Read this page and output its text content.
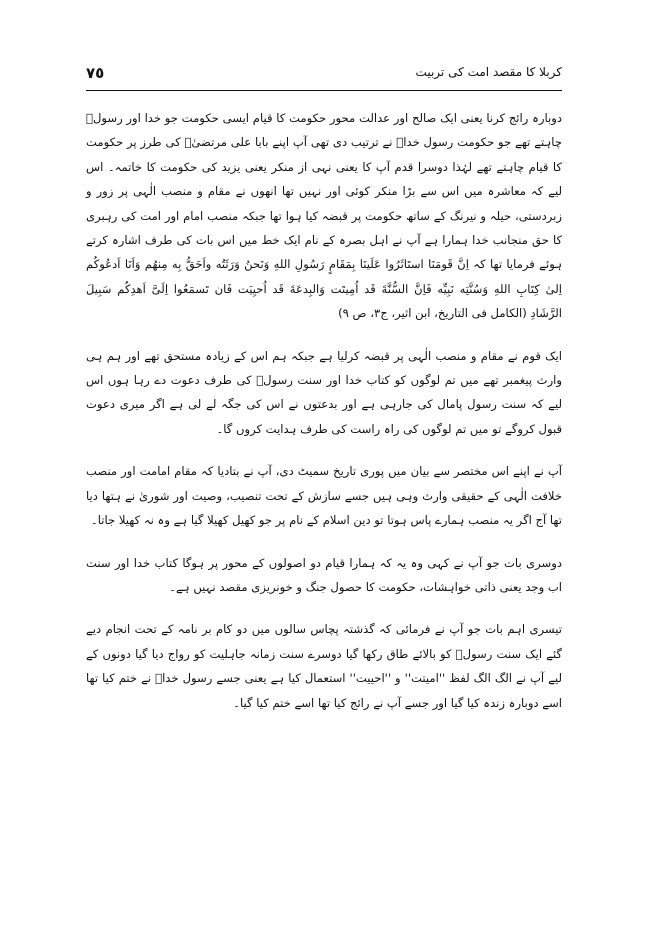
٧٥	کربلا کا مقصد امت کی تربیت

دوبارہ رائج کرنا یعنی ایک صالح اور عدالت محور حکومت کا قیام ایسی حکومت جو خدا اور رسولؐ چاہتے تھے جو حکومت رسول خداؐ نے ترتیب دی تھی آپ اپنے بابا علی مرتضیٰؑ کی طرز پر حکومت کا قیام چاہتے تھے لہٰذا دوسرا قدم آپ کا یعنی نہی از منکر یعنی یزید کی حکومت کا خاتمہ۔ اس لیے کہ معاشرہ میں اس سے بڑا منکر کوئی اور نہیں تھا انھوں نے مقام و منصب الٰہی پر زور و زبردستی، حیلہ و نیرنگ کے ساتھ حکومت پر قبضہ کیا ہوا تھا جبکہ منصب امام اور امت کی رہبری کا حق منجانب خدا ہمارا ہے آپ نے اہل بصرہ کے نام ایک خط میں اس بات کی طرف اشارہ کرتے ہوئے فرمایا تھا کہ اِنَّ قَومَنَا استَاثَرُوا عَلَینَا بِمَقَامٍ رَسُولِ اللهِ وَنَحنُ وَرَثَتُه واَحَقُّ بِه مِنهُم وَاَنَا اَدعُوکُم اِلیٰ کِتَابِ اللهِ وَسُنَّتِه نَبِیِّه فَاِنَّ السُّنَّةَ قَد اُمِیتَت وَالبِدعَةَ قَد اُحیِیَت فَان تَسمَعُوا اِلَیَّ اَهدِکُم سَبِیلَ الرَّشَادِ (الکامل فی التاریخ، ابن اثیر، ج۳، ص ۹)

ایک قوم نے مقام و منصب الٰہی پر قبضہ کرلیا ہے جبکہ ہم اس کے زیادہ مستحق تھے اور ہم ہی وارث پیغمبر تھے میں تم لوگوں کو کتاب خدا اور سنت رسولؐ کی طرف دعوت دے رہا ہوں اس لیے کہ سنت رسول پامال کی جارہی ہے اور بدعتوں نے اس کی جگہ لے لی ہے اگر میری دعوت قبول کروگے تو میں تم لوگوں کی راہ راست کی طرف ہدایت کروں گا۔

آپ نے اپنے اس مختصر سے بیان میں پوری تاریخ سمیٹ دی، آپ نے بتادیا کہ مقام امامت اور منصب خلافت الٰہی کے حقیقی وارث وہی ہیں جسے سازش کے تحت تنصیب، وصیت اور شوریٰ نے ہتھا دیا تھا آج اگر یہ منصب ہمارے پاس ہوتا تو دین اسلام کے نام پر جو کھیل کھیلا گیا ہے وہ نہ کھیلا جاتا۔

دوسری بات جو آپ نے کہی وہ یہ کہ ہمارا قیام دو اصولوں کے محور پر ہوگا کتاب خدا اور سنت اب وجد یعنی ذاتی خواہشات، حکومت کا حصول جنگ و خونریزی مقصد نہیں ہے۔

تیسری اہم بات جو آپ نے فرمائی کہ گذشتہ پچاس سالوں میں دو کام بر نامہ کے تحت انجام دیے گئے ایک سنت رسولؐ کو بالائے طاق رکھا گیا دوسرے سنت زمانہ جاہلیت کو رواج دیا گیا دونوں کے لیے آپ نے الگ الگ لفظ ''امیتت'' و ''احییت'' استعمال کیا ہے یعنی جسے رسول خداؐ نے ختم کیا تھا اسے دوبارہ زندہ کیا گیا اور جسے آپ نے رائج کیا تھا اسے ختم کیا گیا۔
